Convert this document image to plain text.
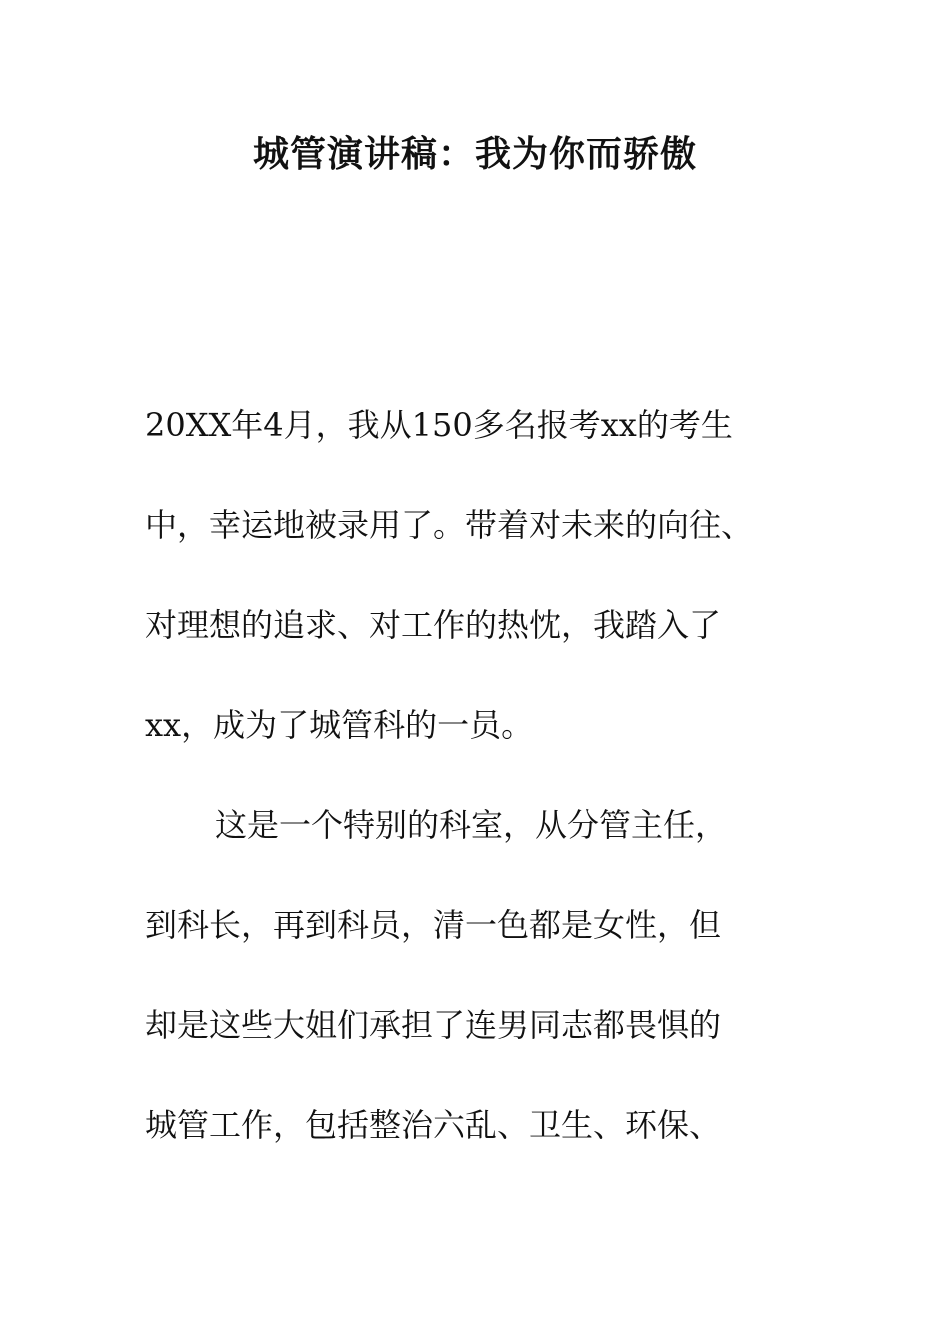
城管演讲稿：我为你而骄傲

20XX年4月，我从150多名报考xx的考生

中，幸运地被录用了。带着对未来的向往、

对理想的追求、对工作的热忱，我踏入了

xx，成为了城管科的一员。

这是一个特别的科室，从分管主任，

到科长，再到科员，清一色都是女性，但

却是这些大姐们承担了连男同志都畏惧的

城管工作，包括整治六乱、卫生、环保、
